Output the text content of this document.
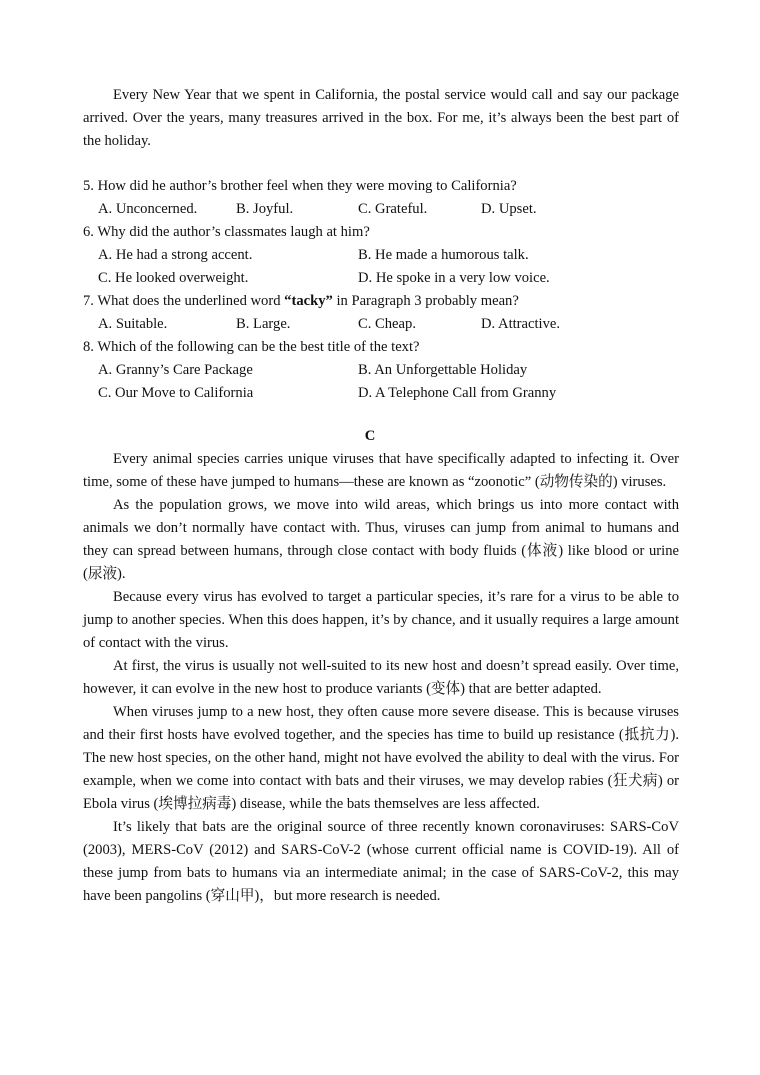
Every New Year that we spent in California, the postal service would call and say our package arrived. Over the years, many treasures arrived in the box. For me, it’s always been the best part of the holiday.

5. How did he author’s brother feel when they were moving to California?
A. Unconcerned.	B. Joyful.	C. Grateful.	D. Upset.
6. Why did the author’s classmates laugh at him?
A. He had a strong accent.	B. He made a humorous talk.
C. He looked overweight.	D. He spoke in a very low voice.
7. What does the underlined word “tacky” in Paragraph 3 probably mean?
A. Suitable.	B. Large.	C. Cheap.	D. Attractive.
8. Which of the following can be the best title of the text?
A. Granny’s Care Package	B. An Unforgettable Holiday
C. Our Move to California	D. A Telephone Call from Granny
C

Every animal species carries unique viruses that have specifically adapted to infecting it. Over time, some of these have jumped to humans—these are known as “zoonotic” (动物传染的) viruses.

As the population grows, we move into wild areas, which brings us into more contact with animals we don’t normally have contact with. Thus, viruses can jump from animal to humans and they can spread between humans, through close contact with body fluids (体液) like blood or urine (尿液).

Because every virus has evolved to target a particular species, it’s rare for a virus to be able to jump to another species. When this does happen, it’s by chance, and it usually requires a large amount of contact with the virus.

At first, the virus is usually not well-suited to its new host and doesn’t spread easily. Over time, however, it can evolve in the new host to produce variants (变体) that are better adapted.

When viruses jump to a new host, they often cause more severe disease. This is because viruses and their first hosts have evolved together, and the species has time to build up resistance (抵抗力). The new host species, on the other hand, might not have evolved the ability to deal with the virus. For example, when we come into contact with bats and their viruses, we may develop rabies (狂犬病) or Ebola virus (埃博拉病毒) disease, while the bats themselves are less affected.

It’s likely that bats are the original source of three recently known coronaviruses: SARS-CoV (2003), MERS-CoV (2012) and SARS-CoV-2 (whose current official name is COVID-19). All of these jump from bats to humans via an intermediate animal; in the case of SARS-CoV-2, this may have been pangolins (穿山甲)，but more research is needed.
